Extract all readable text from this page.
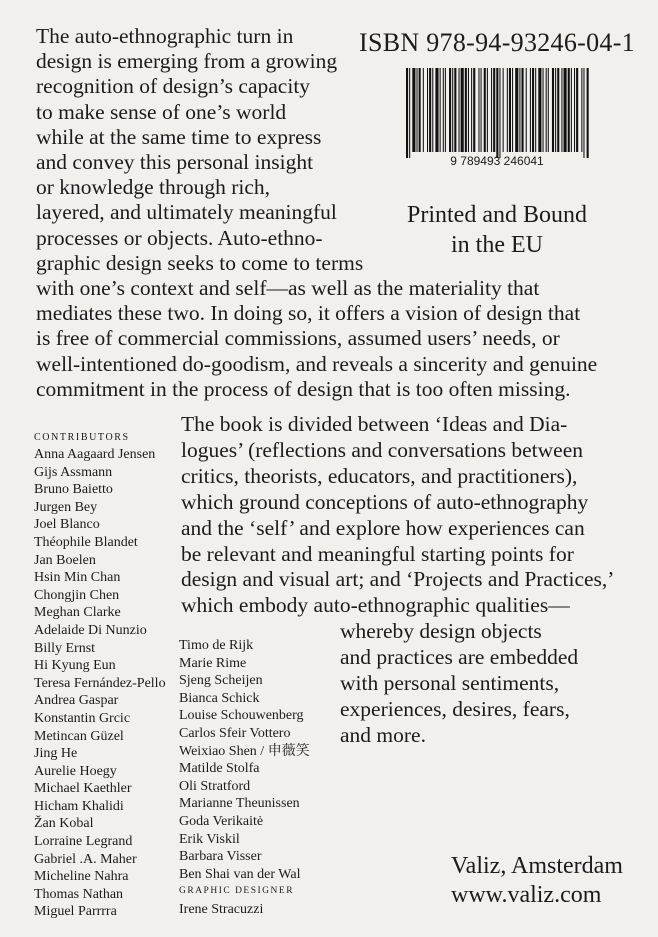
ISBN 978-94-93246-04-1
9 789493 246041
Printed and Bound
in the EU
The auto-ethnographic turn in
design is emerging from a growing
recognition of design’s capacity
to make sense of one’s world
while at the same time to express
and convey this personal insight
or knowledge through rich,
layered, and ultimately meaningful
processes or objects. Auto-ethno-
graphic design seeks to come to terms
with one’s context and self—as well as the materiality that
mediates these two. In doing so, it offers a vision of design that
is free of commercial commissions, assumed users’ needs, or
well-intentioned do-goodism, and reveals a sincerity and genuine
commitment in the process of design that is too often missing.
CONTRIBUTORS
Anna Aagaard Jensen
Gijs Assmann
Bruno Baietto
Jurgen Bey
Joel Blanco
Théophile Blandet
Jan Boelen
Hsin Min Chan
Chongjin Chen
Meghan Clarke
Adelaide Di Nunzio
Billy Ernst
Hi Kyung Eun
Teresa Fernández-Pello
Andrea Gaspar
Konstantin Grcic
Metincan Güzel
Jing He
Aurelie Hoegy
Michael Kaethler
Hicham Khalidi
Žan Kobal
Lorraine Legrand
Gabriel .A. Maher
Micheline Nahra
Thomas Nathan
Miguel Parrrra
Timo de Rijk
Marie Rime
Sjeng Scheijen
Bianca Schick
Louise Schouwenberg
Carlos Sfeir Vottero
Weixiao Shen / 申薇笑
Matilde Stolfa
Oli Stratford
Marianne Theunissen
Goda Verikaitė
Erik Viskil
Barbara Visser
Ben Shai van der Wal
GRAPHIC DESIGNER
Irene Stracuzzi
The book is divided between ‘Ideas and Dia-
logues’ (reflections and conversations between
critics, theorists, educators, and practitioners),
which ground conceptions of auto-ethnography
and the ‘self’ and explore how experiences can
be relevant and meaningful starting points for
design and visual art; and ‘Projects and Practices,’
which embody auto-ethnographic qualities—
whereby design objects
and practices are embedded
with personal sentiments,
experiences, desires, fears,
and more.
Valiz, Amsterdam
www.valiz.com
